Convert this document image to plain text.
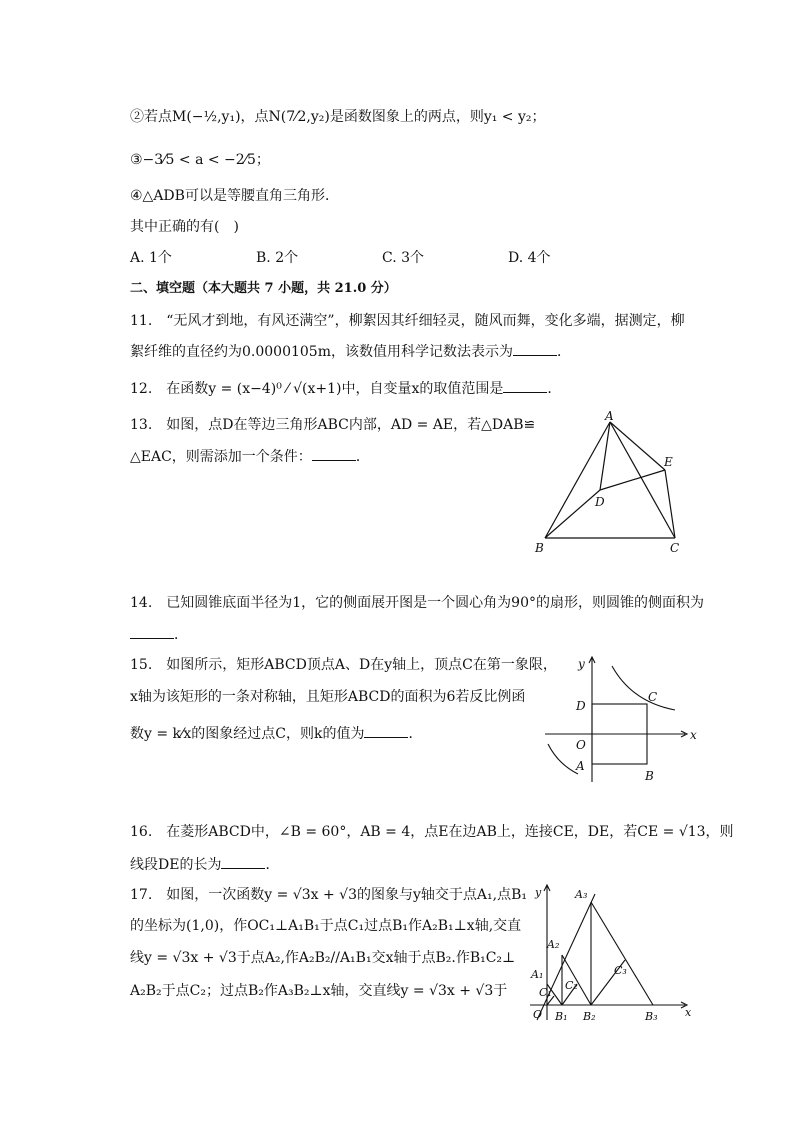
②若点M(−½,y₁)，点N(7⁄2,y₂)是函数图象上的两点，则y₁ < y₂；
③−3⁄5 < a < −2⁄5；
④△ADB可以是等腰直角三角形．
其中正确的有(　)
A. 1个	B. 2个	C. 3个	D. 4个
二、填空题（本大题共 7 小题，共 21.0 分）
11.　“无风才到地，有风还满空”，柳絮因其纤细轻灵，随风而舞，变化多端，据测定，柳
絮纤维的直径约为0.0000105m，该数值用科学记数法表示为	．
12.　在函数y = (x−4)⁰ ⁄ √(x+1)中，自变量x的取值范围是	．
13.　如图，点D在等边三角形ABC内部，AD = AE，若△DAB≌
△EAC，则需添加一个条件：	．
A
B	C
D
E
14.　已知圆锥底面半径为1，它的侧面展开图是一个圆心角为90°的扇形，则圆锥的侧面积为
．
15.　如图所示，矩形ABCD顶点A、D在y轴上，顶点C在第一象限，
x轴为该矩形的一条对称轴，且矩形ABCD的面积为6若反比例函
数y = k⁄x的图象经过点C，则k的值为	．
y
x
O
D
C
A
B
16.　在菱形ABCD中，∠B = 60°，AB = 4，点E在边AB上，连接CE，DE，若CE = √13，则
线段DE的长为	．
17.　如图，一次函数y = √3x + √3的图象与y轴交于点A₁,点B₁
的坐标为(1,0)，作OC₁⊥A₁B₁于点C₁过点B₁作A₂B₁⊥x轴,交直
线y = √3x + √3于点A₂,作A₂B₂//A₁B₁交x轴于点B₂.作B₁C₂⊥
A₂B₂于点C₂；过点B₂作A₃B₂⊥x轴，交直线y = √3x + √3于
y
x
O
A₁
A₂
A₃
B₁ B₂	B₃
C₁
C₂
C₃
